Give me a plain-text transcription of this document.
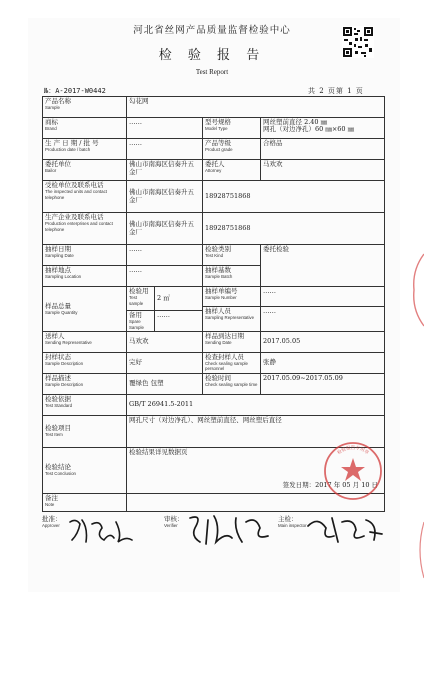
河北省丝网产品质量监督检验中心
检 验 报 告
Test Report
№：A-2017-W0442	共 2 页第 1 页
产品名称
Sample	勾花网			

商标
Brand	……		型号规格
Model Type	网丝塑前直径 2.40 ㎜
网孔（对边净孔）60 ㎜×60 ㎜

生 产 日 期 / 批 号
Production date / batch	……		产品等级
Product grade	合格品

委托单位
Bailor	佛山市南海区信奏升五金厂		委托人
Attorney	马欢欢

受检单位及联系电话
The inspected units and contact telephone	佛山市南海区信奏升五金厂		18928751868	

生产企业及联系电话
Production enterprises and contact telephone	佛山市南海区信奏升五金厂		18928751868	

抽样日期
Sampling Date	……		检验类别
Test Kind	委托检验

抽样地点
Sampling Location	……		抽样基数
Sample Batch	

样品总量
Sample Quantity	检验用
Test sample	2 ㎡	抽样单编号
Sample Number	……

			抽样人员
Sampling Representative	……

	备用
Spare Sample	……		

送样人
Sending Representative	马欢欢		样品到达日期
Sending Date	2017.05.05

封样状态
Sample Description	完好		检查封样人员
Check sealing sample personnel	张静

样品描述
Sample Description	覆绿色 包塑		检验时间
Check sealing sample time	2017.05.09~2017.05.09

检验依据
Test Standard	GB/T 26941.5-2011			

检验项目
Test Item	网孔尺寸（对边净孔）、网丝塑前直径、网丝塑后直径			

检验结论
Test Conclusion	检验结果详见数据页
签发日期：2017 年 05 月 10 日			

备注
Note				

检验报告专用章
批准：
Approver
审核：
Verifier
主检：
Main inspector
